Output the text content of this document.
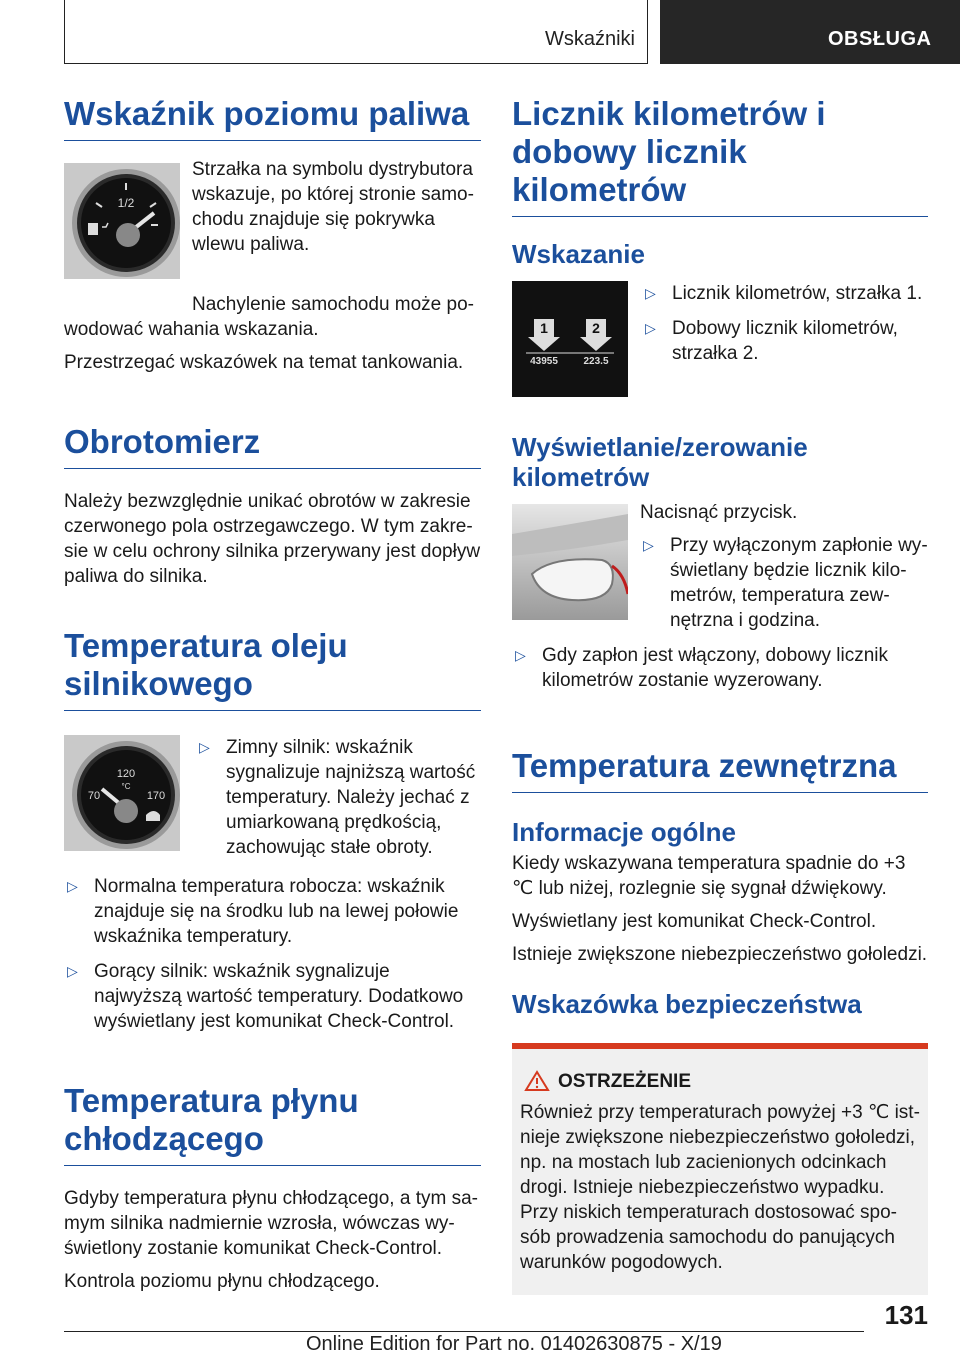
Wskaźniki	OBSŁUGA
Wskaźnik poziomu paliwa
1/2

Strzałka na symbolu dystrybutora wskazuje, po której stronie samochodu znajduje się pokrywka wlewu paliwa.

Nachylenie samochodu może powodować wahania wskazania.

Przestrzegać wskazówek na temat tankowania.

Obrotomierz

Należy bezwzględnie unikać obrotów w zakresie czerwonego pola ostrzegawczego. W tym zakresie w celu ochrony silnika przerywany jest dopływ paliwa do silnika.

Temperatura oleju silnikowego
120
°C
70	170
▷ Zimny silnik: wskaźnik sygnalizuje najniższą wartość temperatury. Należy jechać z umiarkowaną prędkością, zachowując stałe obroty.
▷ Normalna temperatura robocza: wskaźnik znajduje się na środku lub na lewej połowie wskaźnika temperatury.
▷ Gorący silnik: wskaźnik sygnalizuje najwyższą wartość temperatury. Dodatkowo wyświetlany jest komunikat Check-Control.
Temperatura płynu chłodzącego

Gdyby temperatura płynu chłodzącego, a tym samym silnika nadmiernie wzrosła, wówczas wyświetlony zostanie komunikat Check-Control.

Kontrola poziomu płynu chłodzącego.

Licznik kilometrów i dobowy licznik kilometrów
Wskazanie
1	2
43955	223.5
▷ Licznik kilometrów, strzałka 1.
▷ Dobowy licznik kilometrów, strzałka 2.
Wyświetlanie/zerowanie kilometrów

Nacisnąć przycisk.

▷ Przy wyłączonym zapłonie wyświetlany będzie licznik kilometrów, temperatura zewnętrzna i godzina.
▷ Gdy zapłon jest włączony, dobowy licznik kilometrów zostanie wyzerowany.
Temperatura zewnętrzna
Informacje ogólne

Kiedy wskazywana temperatura spadnie do +3 ℃ lub niżej, rozlegnie się sygnał dźwiękowy.

Wyświetlany jest komunikat Check-Control.

Istnieje zwiększone niebezpieczeństwo gołoledzi.

Wskazówka bezpieczeństwa
OSTRZEŻENIE

Również przy temperaturach powyżej +3 ℃ istnieje zwiększone niebezpieczeństwo gołoledzi, np. na mostach lub zacienionych odcinkach drogi. Istnieje niebezpieczeństwo wypadku.

Przy niskich temperaturach dostosować sposób prowadzenia samochodu do panujących warunków pogodowych.

131
Online Edition for Part no. 01402630875 - X/19
